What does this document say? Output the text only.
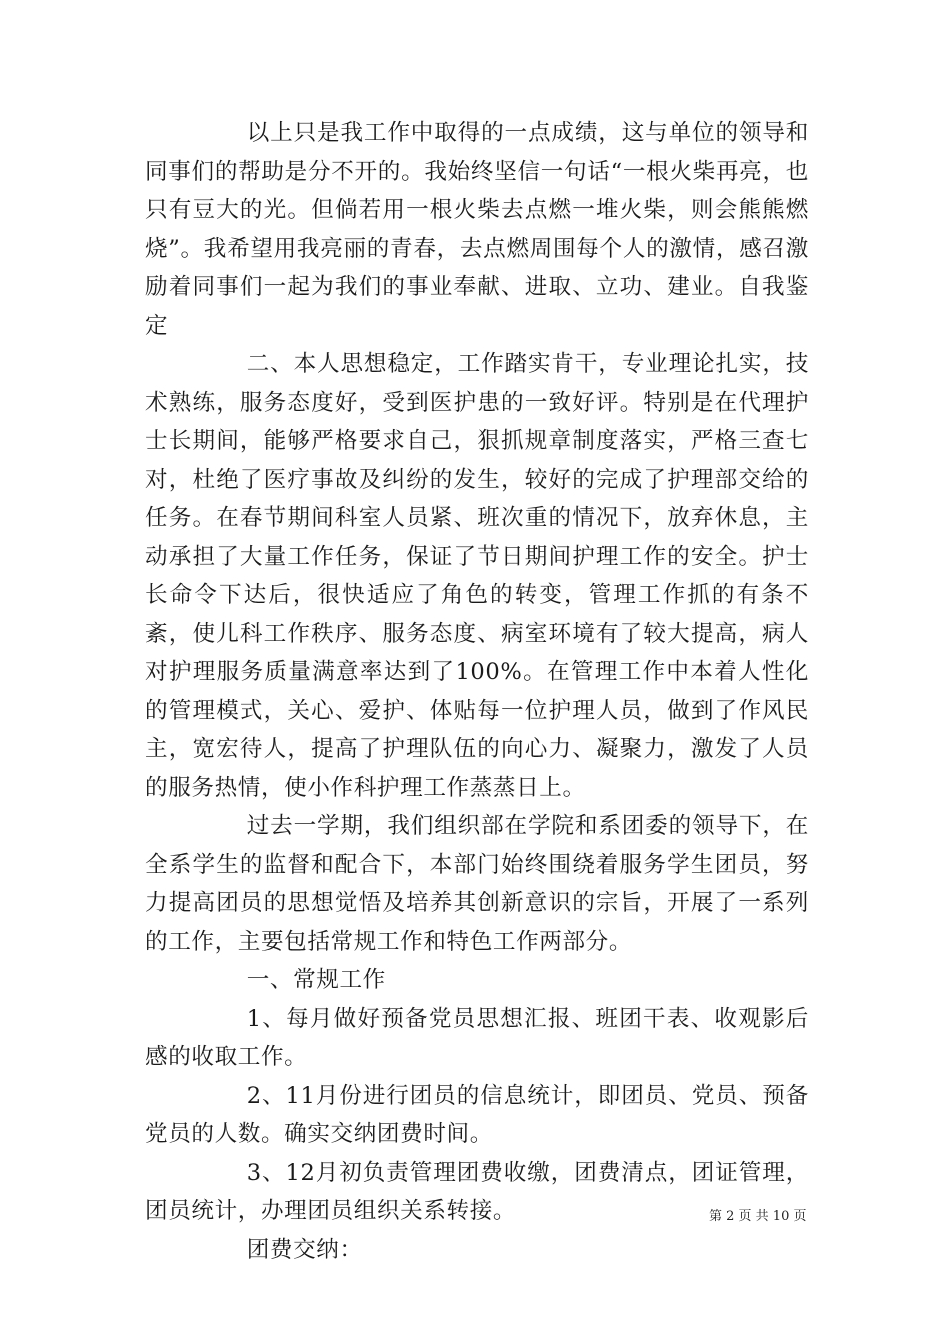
以上只是我工作中取得的一点成绩，这与单位的领导和同事们的帮助是分不开的。我始终坚信一句话“一根火柴再亮，也只有豆大的光。但倘若用一根火柴去点燃一堆火柴，则会熊熊燃烧”。我希望用我亮丽的青春，去点燃周围每个人的激情，感召激励着同事们一起为我们的事业奉献、进取、立功、建业。自我鉴定

二、本人思想稳定，工作踏实肯干，专业理论扎实，技术熟练，服务态度好，受到医护患的一致好评。特别是在代理护士长期间，能够严格要求自己，狠抓规章制度落实，严格三查七对，杜绝了医疗事故及纠纷的发生，较好的完成了护理部交给的任务。在春节期间科室人员紧、班次重的情况下，放弃休息，主动承担了大量工作任务，保证了节日期间护理工作的安全。护士长命令下达后，很快适应了角色的转变，管理工作抓的有条不紊，使儿科工作秩序、服务态度、病室环境有了较大提高，病人对护理服务质量满意率达到了100%。在管理工作中本着人性化的管理模式，关心、爱护、体贴每一位护理人员，做到了作风民主，宽宏待人，提高了护理队伍的向心力、凝聚力，激发了人员的服务热情，使小作科护理工作蒸蒸日上。

过去一学期，我们组织部在学院和系团委的领导下，在全系学生的监督和配合下，本部门始终围绕着服务学生团员，努力提高团员的思想觉悟及培养其创新意识的宗旨，开展了一系列的工作，主要包括常规工作和特色工作两部分。

一、常规工作

1、每月做好预备党员思想汇报、班团干表、收观影后感的收取工作。

2、11月份进行团员的信息统计，即团员、党员、预备党员的人数。确实交纳团费时间。

3、12月初负责管理团费收缴，团费清点，团证管理，团员统计，办理团员组织关系转接。

团费交纳：

第 2 页 共 10 页
